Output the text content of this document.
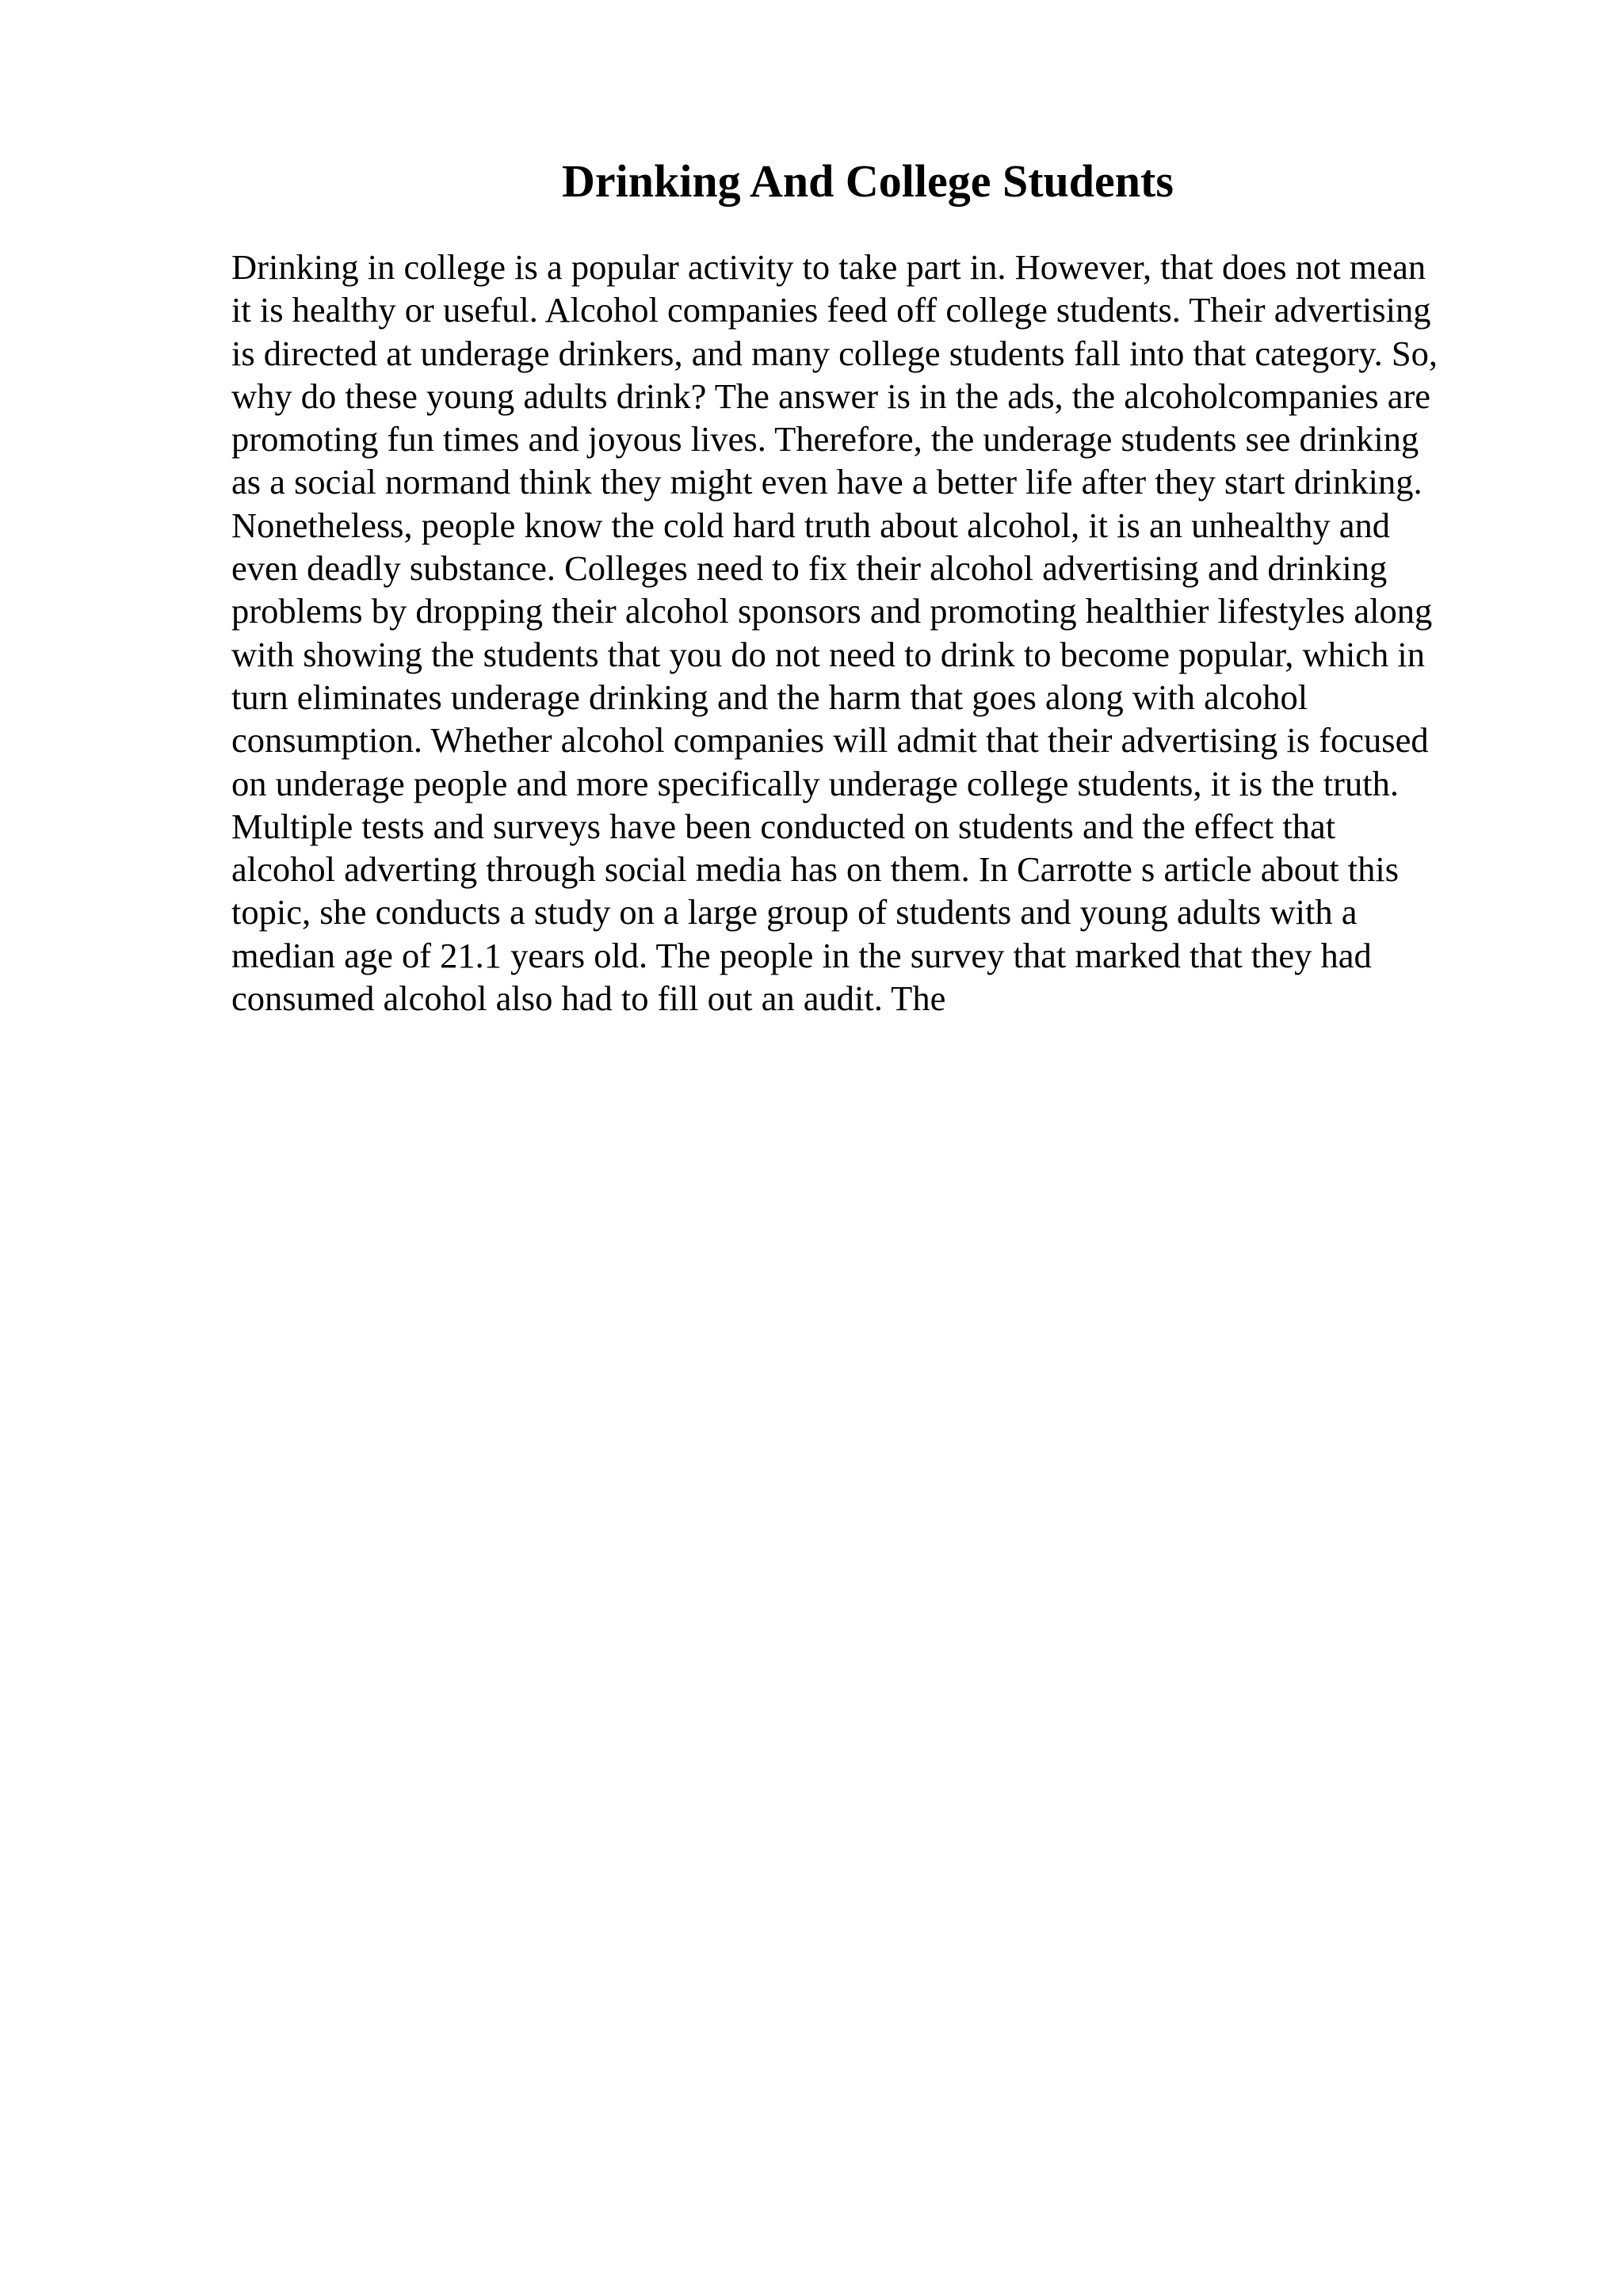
Drinking And College Students

Drinking in college is a popular activity to take part in. However, that does not mean
it is healthy or useful. Alcohol companies feed off college students. Their advertising
is directed at underage drinkers, and many college students fall into that category. So,
why do these young adults drink? The answer is in the ads, the alcoholcompanies are
promoting fun times and joyous lives. Therefore, the underage students see drinking
as a social normand think they might even have a better life after they start drinking.
Nonetheless, people know the cold hard truth about alcohol, it is an unhealthy and
even deadly substance. Colleges need to fix their alcohol advertising and drinking
problems by dropping their alcohol sponsors and promoting healthier lifestyles along
with showing the students that you do not need to drink to become popular, which in
turn eliminates underage drinking and the harm that goes along with alcohol
consumption. Whether alcohol companies will admit that their advertising is focused
on underage people and more specifically underage college students, it is the truth.
Multiple tests and surveys have been conducted on students and the effect that
alcohol adverting through social media has on them. In Carrotte s article about this
topic, she conducts a study on a large group of students and young adults with a
median age of 21.1 years old. The people in the survey that marked that they had
consumed alcohol also had to fill out an audit. The
